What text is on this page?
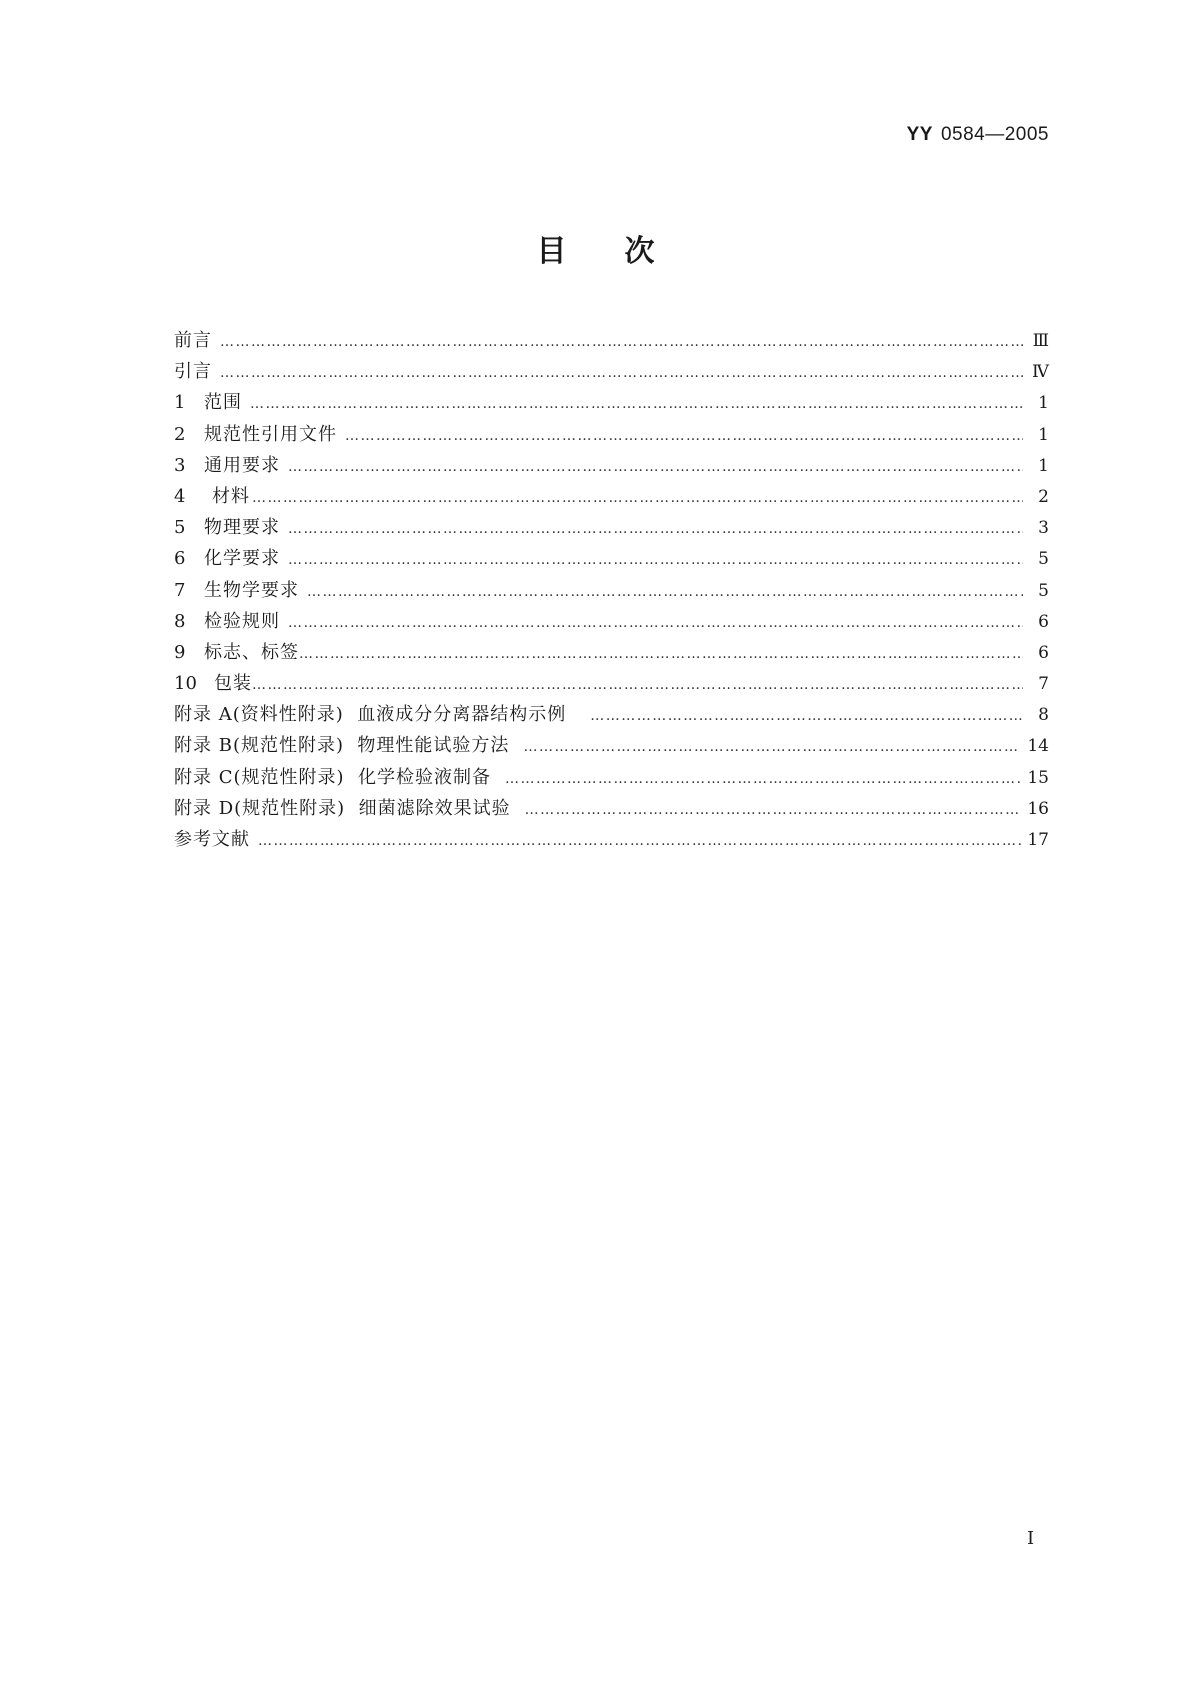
YY 0584—2005
目次
前言 ……………………………………………………………………………………………………………………………………………………………………………………………………………………………………………………	Ⅲ
引言 ……………………………………………………………………………………………………………………………………………………………………………………………………………………………………………………	Ⅳ
1	范围 ……………………………………………………………………………………………………………………………………………………………………………………………………………………………………………………	1
2	规范性引用文件 ……………………………………………………………………………………………………………………………………………………………………………………………………………………………………………………	1
3	通用要求 ……………………………………………………………………………………………………………………………………………………………………………………………………………………………………………………	1
4	材料 ……………………………………………………………………………………………………………………………………………………………………………………………………………………………………………………	2
5	物理要求 ……………………………………………………………………………………………………………………………………………………………………………………………………………………………………………………	3
6	化学要求 ……………………………………………………………………………………………………………………………………………………………………………………………………………………………………………………	5
7	生物学要求 ……………………………………………………………………………………………………………………………………………………………………………………………………………………………………………………	5
8	检验规则 ……………………………………………………………………………………………………………………………………………………………………………………………………………………………………………………	6
9	标志、标签 ……………………………………………………………………………………………………………………………………………………………………………………………………………………………………………………	6
10 包装 ……………………………………………………………………………………………………………………………………………………………………………………………………………………………………………………	7
附录 A(资料性附录)  血液成分分离器结构示例 ……………………………………………………………………………………………………………………………………………………………………………………………………………………………………………………	8
附录 B(规范性附录)  物理性能试验方法 ……………………………………………………………………………………………………………………………………………………………………………………………………………………………………………………	14
附录 C(规范性附录)  化学检验液制备 ……………………………………………………………………………………………………………………………………………………………………………………………………………………………………………………	15
附录 D(规范性附录)  细菌滤除效果试验 ……………………………………………………………………………………………………………………………………………………………………………………………………………………………………………………	16
参考文献 ……………………………………………………………………………………………………………………………………………………………………………………………………………………………………………………	17
I
